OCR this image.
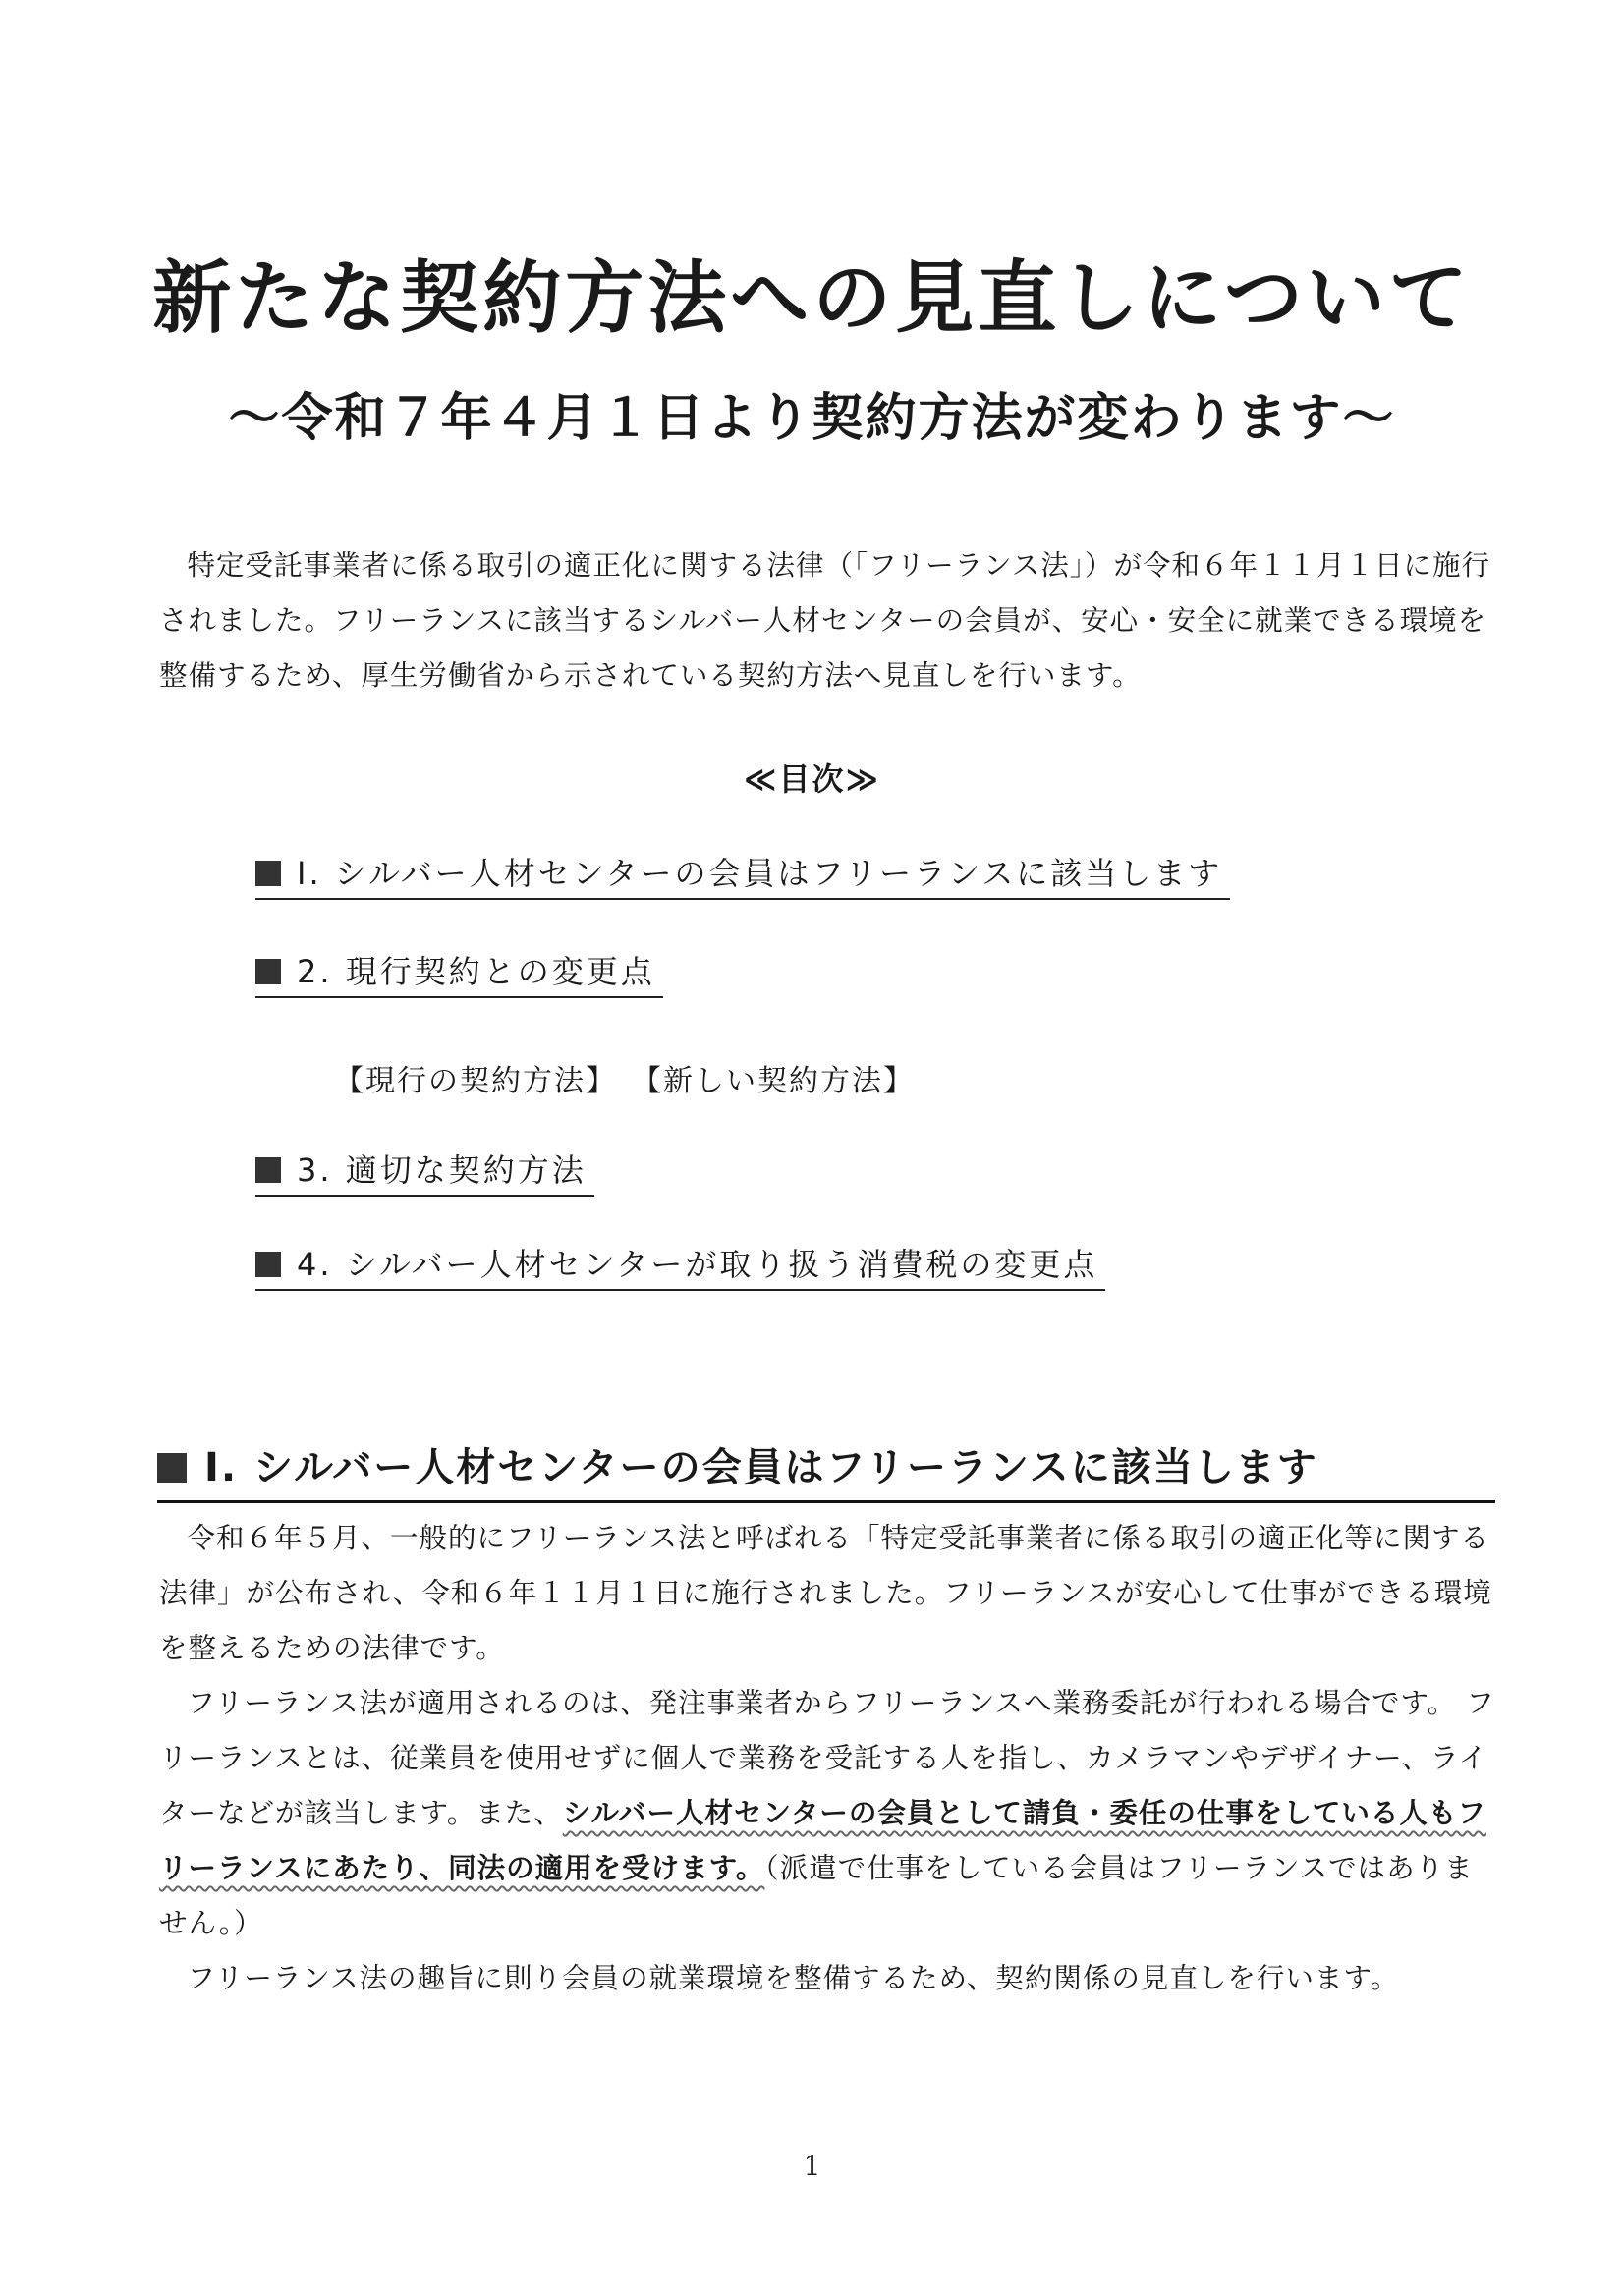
新たな契約方法への見直しについて
～令和７年４月１日より契約方法が変わります～

特定受託事業者に係る取引の適正化に関する法律（「フリーランス法」）が令和６年１１月１日に施行されました。フリーランスに該当するシルバー人材センターの会員が、安心・安全に就業できる環境を整備するため、厚生労働省から示されている契約方法へ見直しを行います。

≪目次≫
Ⅰ. シルバー人材センターの会員はフリーランスに該当します
2. 現行契約との変更点
【現行の契約方法】 【新しい契約方法】
3. 適切な契約方法
4. シルバー人材センターが取り扱う消費税の変更点
Ⅰ. シルバー人材センターの会員はフリーランスに該当します

令和６年５月、一般的にフリーランス法と呼ばれる「特定受託事業者に係る取引の適正化等に関する法律」が公布され、令和６年１１月１日に施行されました。フリーランスが安心して仕事ができる環境を整えるための法律です。

フリーランス法が適用されるのは、発注事業者からフリーランスへ業務委託が行われる場合です。 フリーランスとは、従業員を使用せずに個人で業務を受託する人を指し、カメラマンやデザイナー、ライターなどが該当します。また、シルバー人材センターの会員として請負・委任の仕事をしている人もフリーランスにあたり、同法の適用を受けます。（派遣で仕事をしている会員はフリーランスではありません。）

フリーランス法の趣旨に則り会員の就業環境を整備するため、契約関係の見直しを行います。

1
